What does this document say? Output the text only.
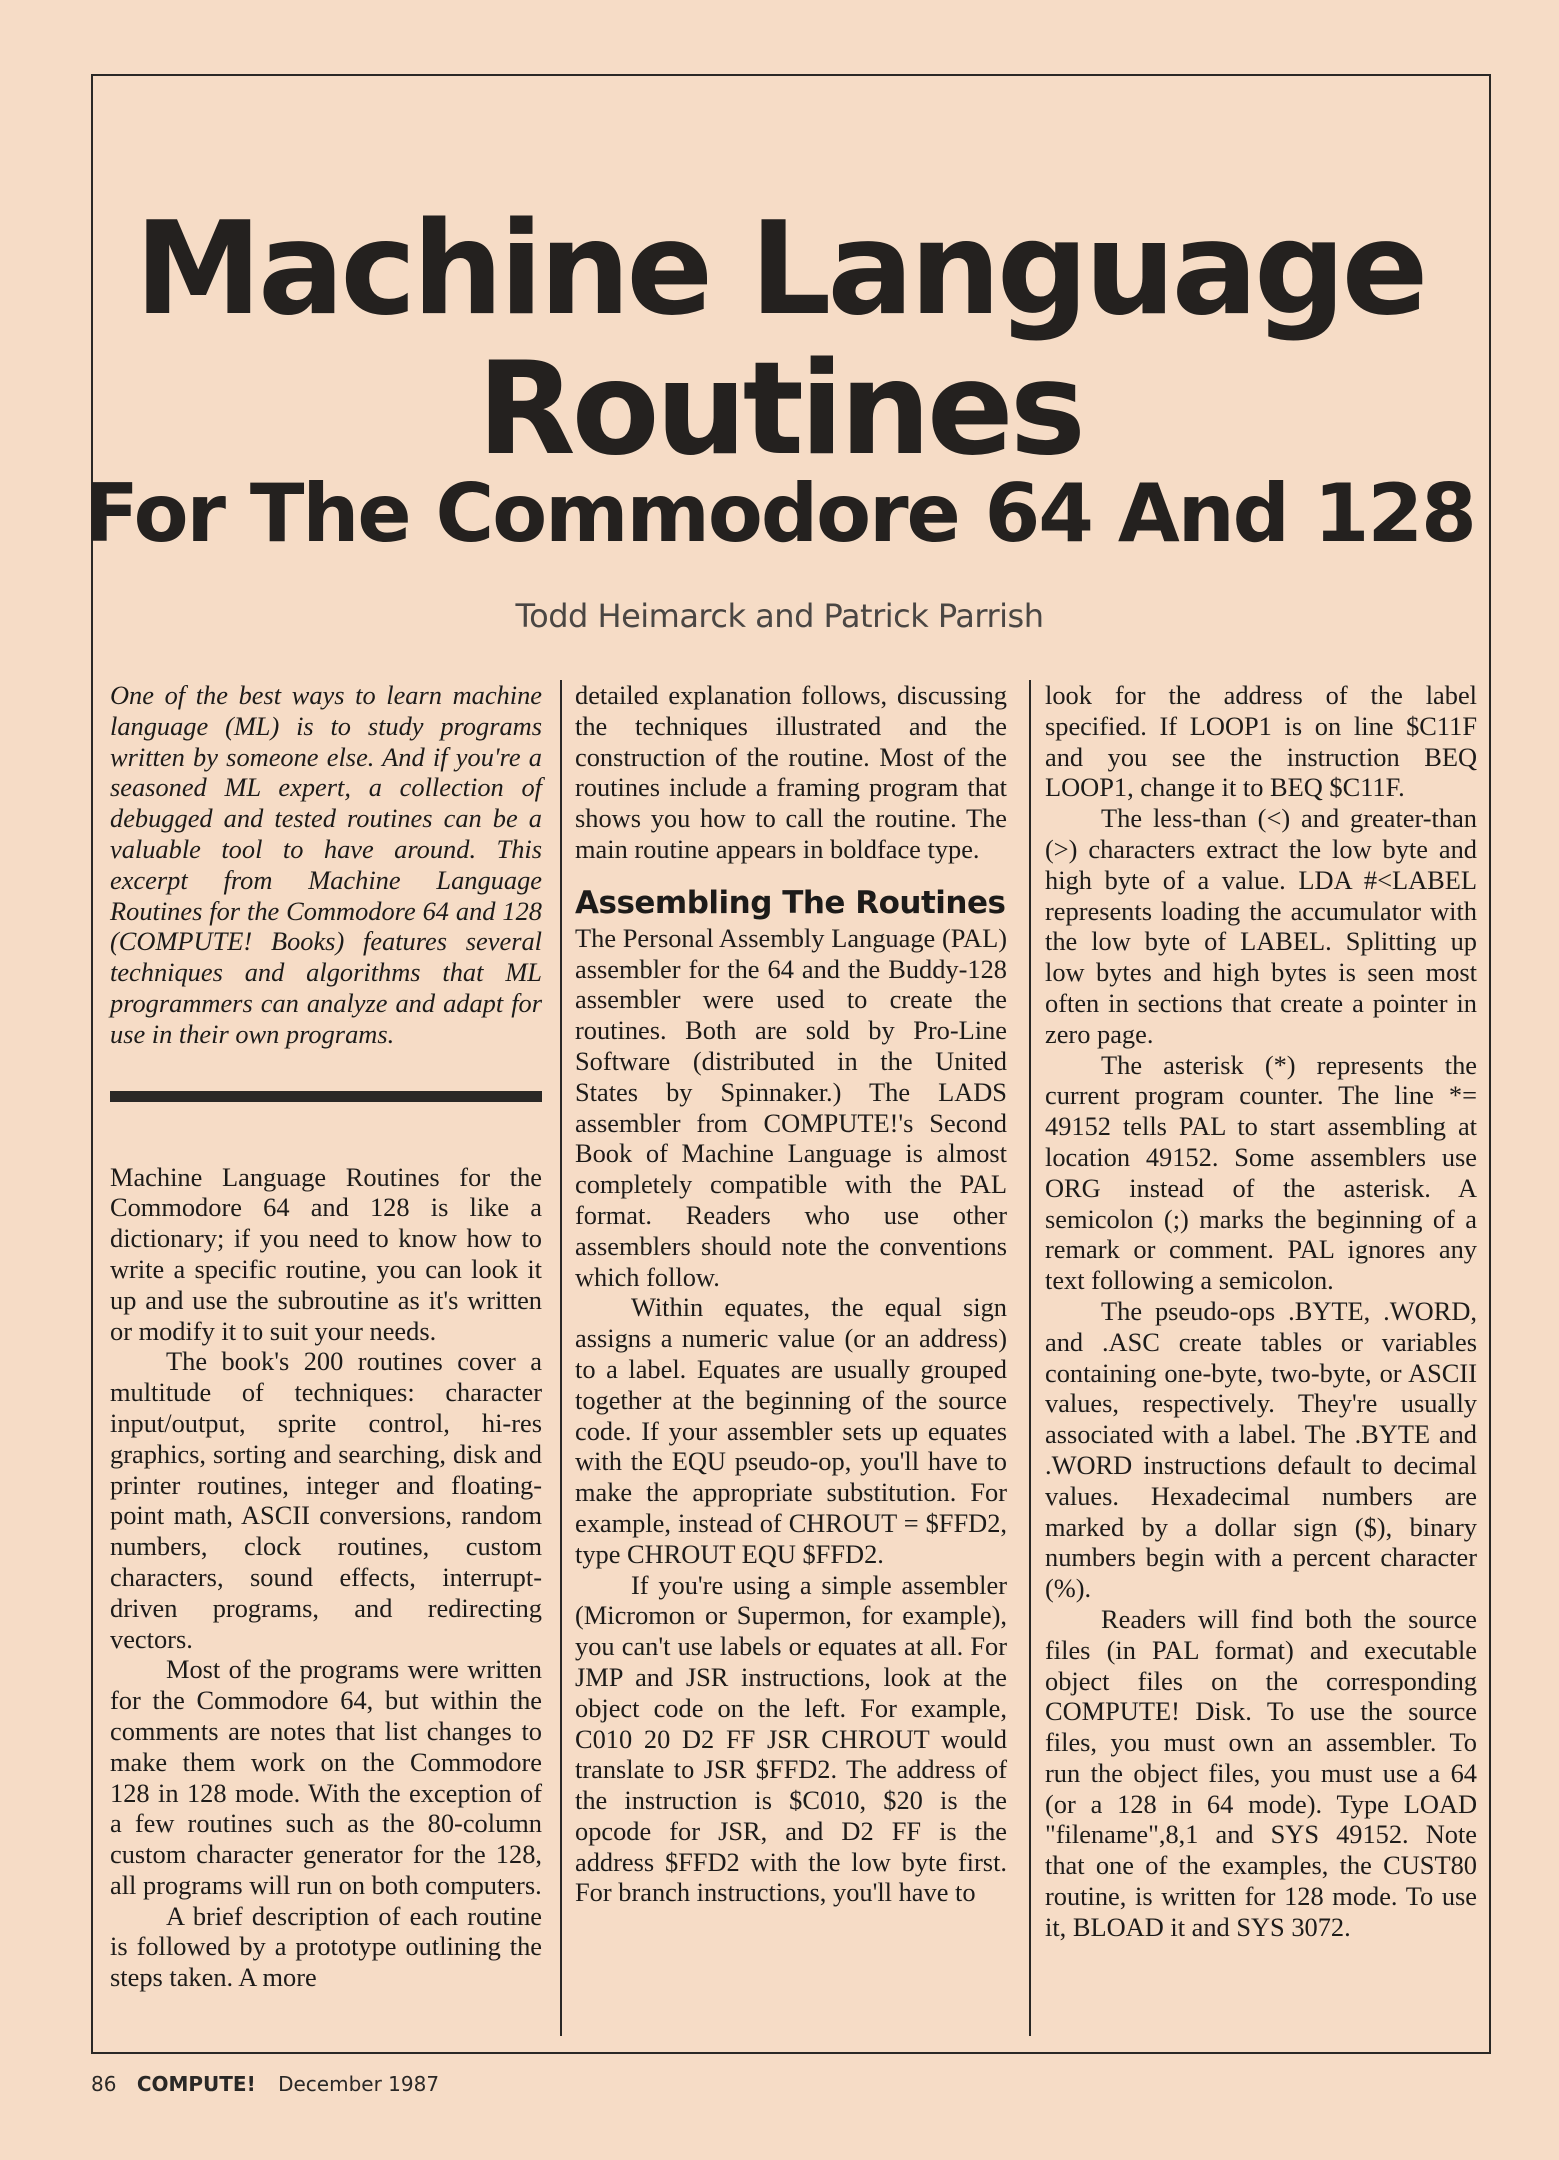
Machine Language
Routines
For The Commodore 64 And 128
Todd Heimarck and Patrick Parrish

One of the best ways to learn machine language (ML) is to study programs written by someone else. And if you're a seasoned ML expert, a collection of debugged and tested routines can be a valuable tool to have around. This excerpt from Machine Language Routines for the Commodore 64 and 128 (COMPUTE! Books) features several techniques and algorithms that ML programmers can analyze and adapt for use in their own programs.

Machine Language Routines for the Commodore 64 and 128 is like a dictionary; if you need to know how to write a specific routine, you can look it up and use the subroutine as it's written or modify it to suit your needs.

The book's 200 routines cover a multitude of techniques: character input/output, sprite control, hi-res graphics, sorting and searching, disk and printer routines, integer and floating-point math, ASCII conversions, random numbers, clock routines, custom characters, sound effects, interrupt-driven programs, and redirecting vectors.

Most of the programs were written for the Commodore 64, but within the comments are notes that list changes to make them work on the Commodore 128 in 128 mode. With the exception of a few routines such as the 80-column custom character generator for the 128, all programs will run on both computers.

A brief description of each routine is followed by a prototype outlining the steps taken. A more

detailed explanation follows, discussing the techniques illustrated and the construction of the routine. Most of the routines include a framing program that shows you how to call the routine. The main routine appears in boldface type.

Assembling The Routines

The Personal Assembly Language (PAL) assembler for the 64 and the Buddy-128 assembler were used to create the routines. Both are sold by Pro-Line Software (distributed in the United States by Spinnaker.) The LADS assembler from COMPUTE!'s Second Book of Machine Language is almost completely compatible with the PAL format. Readers who use other assemblers should note the conventions which follow.

Within equates, the equal sign assigns a numeric value (or an address) to a label. Equates are usually grouped together at the beginning of the source code. If your assembler sets up equates with the EQU pseudo-op, you'll have to make the appropriate substitution. For example, instead of CHROUT = $FFD2, type CHROUT EQU $FFD2.

If you're using a simple assembler (Micromon or Supermon, for example), you can't use labels or equates at all. For JMP and JSR instructions, look at the object code on the left. For example, C010 20 D2 FF JSR CHROUT would translate to JSR $FFD2. The address of the instruction is $C010, $20 is the opcode for JSR, and D2 FF is the address $FFD2 with the low byte first. For branch instructions, you'll have to

look for the address of the label specified. If LOOP1 is on line $C11F and you see the instruction BEQ LOOP1, change it to BEQ $C11F.

The less-than (<) and greater-than (>) characters extract the low byte and high byte of a value. LDA #<LABEL represents loading the accumulator with the low byte of LABEL. Splitting up low bytes and high bytes is seen most often in sections that create a pointer in zero page.

The asterisk (*) represents the current program counter. The line *= 49152 tells PAL to start assembling at location 49152. Some assemblers use ORG instead of the asterisk. A semicolon (;) marks the beginning of a remark or comment. PAL ignores any text following a semicolon.

The pseudo-ops .BYTE, .WORD, and .ASC create tables or variables containing one-byte, two-byte, or ASCII values, respectively. They're usually associated with a label. The .BYTE and .WORD instructions default to decimal values. Hexadecimal numbers are marked by a dollar sign ($), binary numbers begin with a percent character (%).

Readers will find both the source files (in PAL format) and executable object files on the corresponding COMPUTE! Disk. To use the source files, you must own an assembler. To run the object files, you must use a 64 (or a 128 in 64 mode). Type LOAD "filename",8,1 and SYS 49152. Note that one of the examples, the CUST80 routine, is written for 128 mode. To use it, BLOAD it and SYS 3072.

86 COMPUTE! December 1987
